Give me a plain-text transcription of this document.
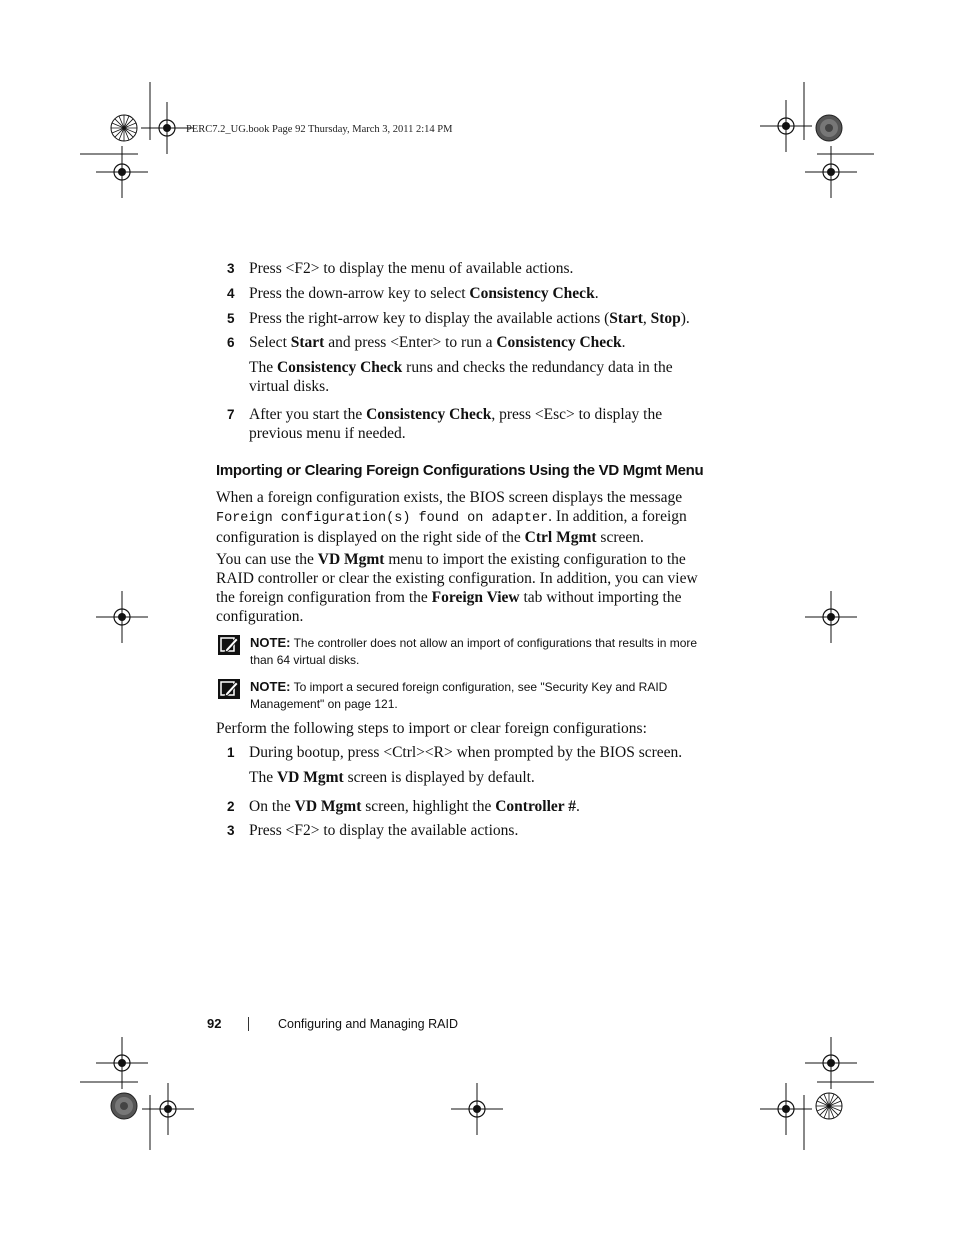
PERC7.2_UG.book Page 92 Thursday, March 3, 2011 2:14 PM
3 Press <F2> to display the menu of available actions.
4 Press the down-arrow key to select Consistency Check.
5 Press the right-arrow key to display the available actions (Start, Stop).
6 Select Start and press <Enter> to run a Consistency Check.
The Consistency Check runs and checks the redundancy data in the virtual disks.
7 After you start the Consistency Check, press <Esc> to display the previous menu if needed.
Importing or Clearing Foreign Configurations Using the VD Mgmt Menu
When a foreign configuration exists, the BIOS screen displays the message Foreign configuration(s) found on adapter. In addition, a foreign configuration is displayed on the right side of the Ctrl Mgmt screen.
You can use the VD Mgmt menu to import the existing configuration to the RAID controller or clear the existing configuration. In addition, you can view the foreign configuration from the Foreign View tab without importing the configuration.
NOTE: The controller does not allow an import of configurations that results in more than 64 virtual disks.
NOTE: To import a secured foreign configuration, see "Security Key and RAID Management" on page 121.
Perform the following steps to import or clear foreign configurations:
1 During bootup, press <Ctrl><R> when prompted by the BIOS screen.
The VD Mgmt screen is displayed by default.
2 On the VD Mgmt screen, highlight the Controller #.
3 Press <F2> to display the available actions.
92	Configuring and Managing RAID
